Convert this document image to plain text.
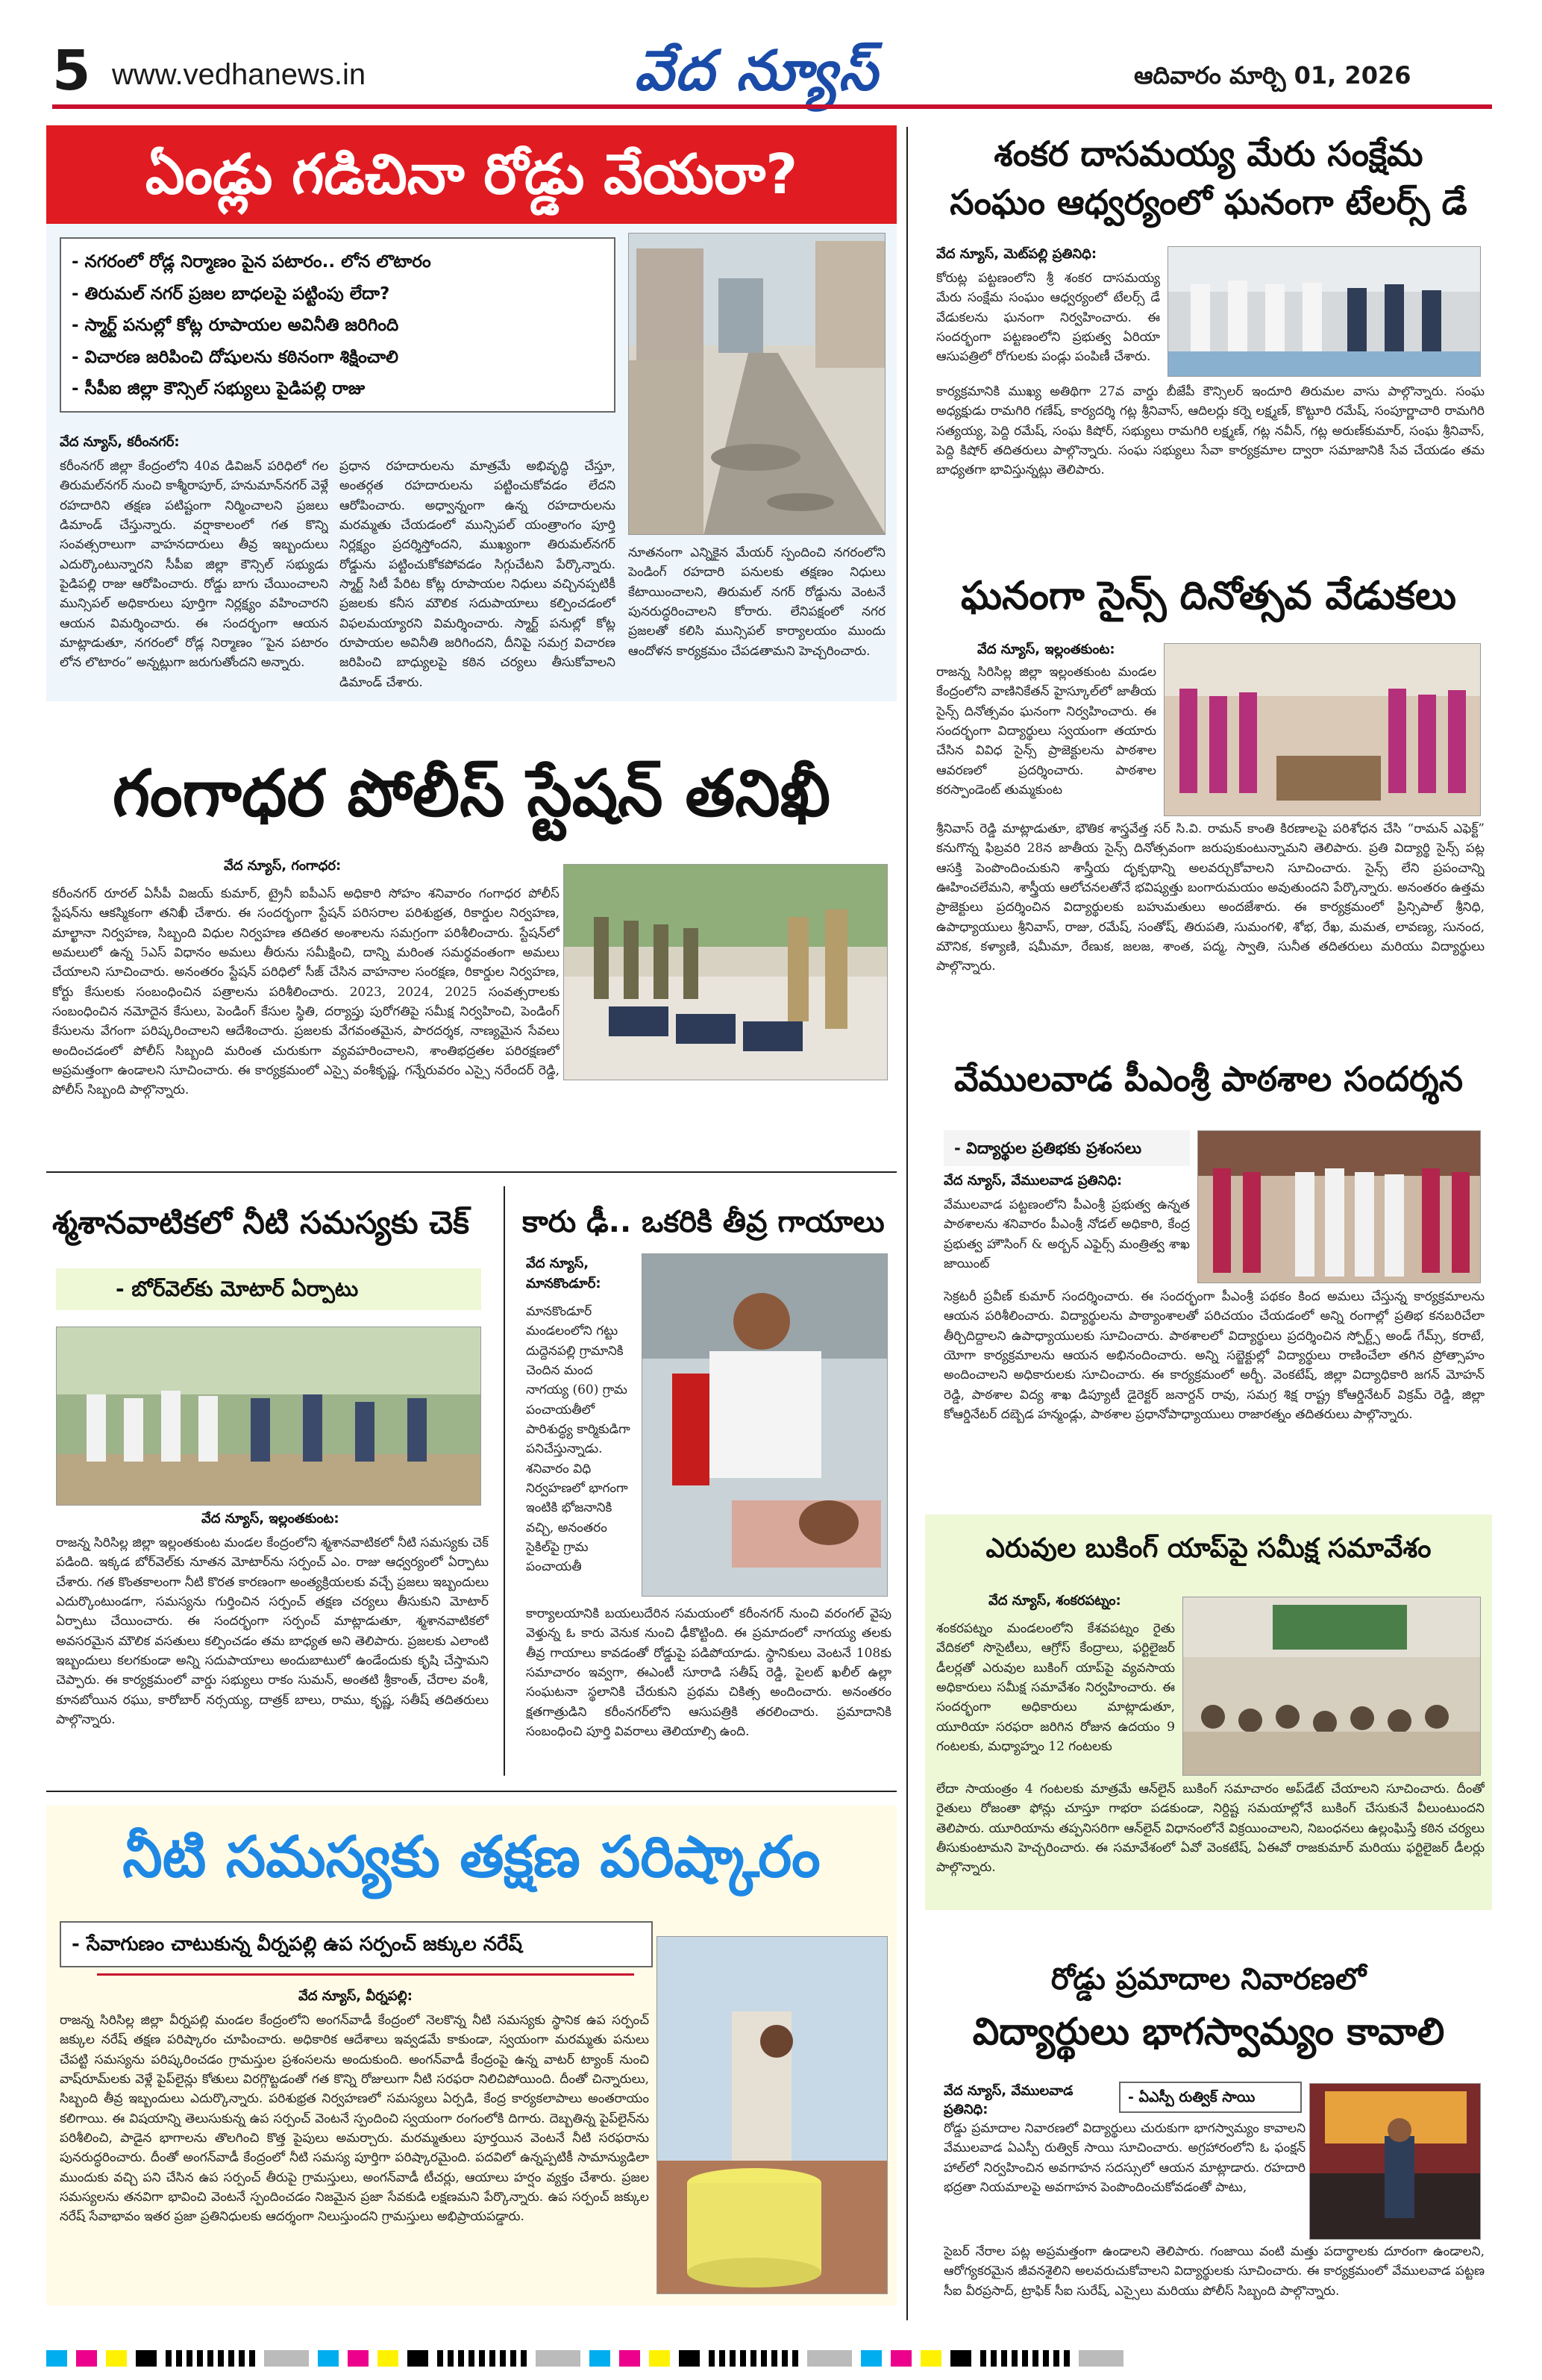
5 www.vedhanews.in	వేద న్యూస్	ఆదివారం మార్చి 01, 2026
ఏండ్లు గడిచినా రోడ్డు వేయరా?
- నగరంలో రోడ్ల నిర్మాణం పైన పటారం.. లోన లొటారం
- తిరుమల్ నగర్ ప్రజల బాధలపై పట్టింపు లేదా?
- స్మార్ట్ పనుల్లో కోట్ల రూపాయల అవినీతి జరిగింది
- విచారణ జరిపించి దోషులను కఠినంగా శిక్షించాలి
- సీపీఐ జిల్లా కౌన్సిల్ సభ్యులు పైడిపల్లి రాజు
వేద న్యూస్, కరీంనగర్:
కరీంనగర్ జిల్లా కేంద్రంలోని 40వ డివిజన్ పరిధిలో గల తిరుమల్‌నగర్ నుంచి కాశ్మీరాపూర్, హనుమాన్‌నగర్ వెళ్లే రహదారిని తక్షణ పటిష్టంగా నిర్మించాలని ప్రజలు డిమాండ్ చేస్తున్నారు. వర్షాకాలంలో గత కొన్ని సంవత్సరాలుగా వాహనదారులు తీవ్ర ఇబ్బందులు ఎదుర్కొంటున్నారని సీపీఐ జిల్లా కౌన్సిల్ సభ్యుడు పైడిపల్లి రాజు ఆరోపించారు. రోడ్డు బాగు చేయించాలని మున్సిపల్ అధికారులు పూర్తిగా నిర్లక్ష్యం వహించారని ఆయన విమర్శించారు. ఈ సందర్భంగా ఆయన మాట్లాడుతూ, నగరంలో రోడ్ల నిర్మాణం “పైన పటారం లోన లొటారం” అన్నట్లుగా జరుగుతోందని అన్నారు.
ప్రధాన రహదారులను మాత్రమే అభివృద్ధి చేస్తూ, అంతర్గత రహదారులను పట్టించుకోవడం లేదని ఆరోపించారు. అధ్వాన్నంగా ఉన్న రహదారులను మరమ్మతు చేయడంలో మున్సిపల్ యంత్రాంగం పూర్తి నిర్లక్ష్యం ప్రదర్శిస్తోందని, ముఖ్యంగా తిరుమల్‌నగర్ రోడ్డును పట్టించుకోకపోవడం సిగ్గుచేటని పేర్కొన్నారు. స్మార్ట్ సిటీ పేరిట కోట్ల రూపాయల నిధులు వచ్చినప్పటికీ ప్రజలకు కనీస మౌలిక సదుపాయాలు కల్పించడంలో విఫలమయ్యారని విమర్శించారు. స్మార్ట్ పనుల్లో కోట్ల రూపాయల అవినీతి జరిగిందని, దీనిపై సమగ్ర విచారణ జరిపించి బాధ్యులపై కఠిన చర్యలు తీసుకోవాలని డిమాండ్ చేశారు.
నూతనంగా ఎన్నికైన మేయర్ స్పందించి నగరంలోని పెండింగ్ రహదారి పనులకు తక్షణం నిధులు కేటాయించాలని, తిరుమల్ నగర్ రోడ్డును వెంటనే పునరుద్ధరించాలని కోరారు. లేనిపక్షంలో నగర ప్రజలతో కలిసి మున్సిపల్ కార్యాలయం ముందు ఆందోళన కార్యక్రమం చేపడతామని హెచ్చరించారు.
గంగాధర పోలీస్ స్టేషన్ తనిఖీ
వేద న్యూస్, గంగాధర:
కరీంనగర్ రూరల్ ఏసీపీ విజయ్ కుమార్, ట్రైనీ ఐపీఎస్ అధికారి సోహం శనివారం గంగాధర పోలీస్ స్టేషన్‌ను ఆకస్మికంగా తనిఖీ చేశారు. ఈ సందర్భంగా స్టేషన్ పరిసరాల పరిశుభ్రత, రికార్డుల నిర్వహణ, మాల్ఖానా నిర్వహణ, సిబ్బంది విధుల నిర్వహణ తదితర అంశాలను సమగ్రంగా పరిశీలించారు. స్టేషన్‌లో అమలులో ఉన్న 5ఎస్ విధానం అమలు తీరును సమీక్షించి, దాన్ని మరింత సమర్థవంతంగా అమలు చేయాలని సూచించారు. అనంతరం స్టేషన్ పరిధిలో సీజ్ చేసిన వాహనాల సంరక్షణ, రికార్డుల నిర్వహణ, కోర్టు కేసులకు సంబంధించిన పత్రాలను పరిశీలించారు. 2023, 2024, 2025 సంవత్సరాలకు సంబంధించిన నమోదైన కేసులు, పెండింగ్ కేసుల స్థితి, దర్యాప్తు పురోగతిపై సమీక్ష నిర్వహించి, పెండింగ్ కేసులను వేగంగా పరిష్కరించాలని ఆదేశించారు. ప్రజలకు వేగవంతమైన, పారదర్శక, నాణ్యమైన సేవలు అందించడంలో పోలీస్ సిబ్బంది మరింత చురుకుగా వ్యవహరించాలని, శాంతిభద్రతల పరిరక్షణలో అప్రమత్తంగా ఉండాలని సూచించారు. ఈ కార్యక్రమంలో ఎస్సై వంశీకృష్ణ, గన్నేరువరం ఎస్సై నరేందర్ రెడ్డి, పోలీస్ సిబ్బంది పాల్గొన్నారు.
శ్మశానవాటికలో నీటి సమస్యకు చెక్
- బోర్‌వెల్‌కు మోటార్ ఏర్పాటు
వేద న్యూస్, ఇల్లంతకుంట:
రాజన్న సిరిసిల్ల జిల్లా ఇల్లంతకుంట మండల కేంద్రంలోని శ్మశానవాటికలో నీటి సమస్యకు చెక్ పడింది. ఇక్కడ బోర్‌వెల్‌కు నూతన మోటార్‌ను సర్పంచ్ ఎం. రాజు ఆధ్వర్యంలో ఏర్పాటు చేశారు. గత కొంతకాలంగా నీటి కొరత కారణంగా అంత్యక్రియలకు వచ్చే ప్రజలు ఇబ్బందులు ఎదుర్కొంటుండగా, సమస్యను గుర్తించిన సర్పంచ్ తక్షణ చర్యలు తీసుకుని మోటార్ ఏర్పాటు చేయించారు. ఈ సందర్భంగా సర్పంచ్ మాట్లాడుతూ, శ్మశానవాటికలో అవసరమైన మౌలిక వసతులు కల్పించడం తమ బాధ్యత అని తెలిపారు. ప్రజలకు ఎలాంటి ఇబ్బందులు కలగకుండా అన్ని సదుపాయాలు అందుబాటులో ఉండేందుకు కృషి చేస్తామని చెప్పారు. ఈ కార్యక్రమంలో వార్డు సభ్యులు రాకం సుమన్, అంతటి శ్రీకాంత్, చేరాల వంశీ, కూనబోయిన రఘు, కారోబార్ నర్సయ్య, దాత్రక్ బాలు, రాము, కృష్ణ, సతీష్ తదితరులు పాల్గొన్నారు.
కారు ఢీ.. ఒకరికి తీవ్ర గాయాలు
వేద న్యూస్, మానకొండూర్:
మానకొండూర్ మండలంలోని గట్టు దుద్దెనపల్లి గ్రామానికి చెందిన మంద నాగయ్య (60) గ్రామ పంచాయతీలో పారిశుద్ధ్య కార్మికుడిగా పనిచేస్తున్నాడు. శనివారం విధి నిర్వహణలో భాగంగా ఇంటికి భోజనానికి వచ్చి, అనంతరం సైకిల్‌పై గ్రామ పంచాయతీ
కార్యాలయానికి బయలుదేరిన సమయంలో కరీంనగర్ నుంచి వరంగల్ వైపు వెళ్తున్న ఓ కారు వెనుక నుంచి ఢీకొట్టింది. ఈ ప్రమాదంలో నాగయ్య తలకు తీవ్ర గాయాలు కావడంతో రోడ్డుపై పడిపోయాడు. స్థానికులు వెంటనే 108కు సమాచారం ఇవ్వగా, ఈఎంటీ సూరాడి సతీష్ రెడ్డి, పైలట్ ఖలీల్ ఉల్లా సంఘటనా స్థలానికి చేరుకుని ప్రథమ చికిత్స అందించారు. అనంతరం క్షతగాత్రుడిని కరీంనగర్‌లోని ఆసుపత్రికి తరలించారు. ప్రమాదానికి సంబంధించి పూర్తి వివరాలు తెలియాల్సి ఉంది.
నీటి సమస్యకు తక్షణ పరిష్కారం
- సేవాగుణం చాటుకున్న వీర్నపల్లి ఉప సర్పంచ్ జక్కుల నరేష్
వేద న్యూస్, వీర్నపల్లి:
రాజన్న సిరిసిల్ల జిల్లా వీర్నపల్లి మండల కేంద్రంలోని అంగన్‌వాడీ కేంద్రంలో నెలకొన్న నీటి సమస్యకు స్థానిక ఉప సర్పంచ్ జక్కుల నరేష్ తక్షణ పరిష్కారం చూపించారు. అధికారిక ఆదేశాలు ఇవ్వడమే కాకుండా, స్వయంగా మరమ్మతు పనులు చేపట్టి సమస్యను పరిష్కరించడం గ్రామస్తుల ప్రశంసలను అందుకుంది. అంగన్‌వాడీ కేంద్రంపై ఉన్న వాటర్ ట్యాంక్ నుంచి వాష్‌రూమ్‌లకు వెళ్లే పైప్‌లైన్లు కోతులు విరగ్గొట్టడంతో గత కొన్ని రోజులుగా నీటి సరఫరా నిలిచిపోయింది. దీంతో చిన్నారులు, సిబ్బంది తీవ్ర ఇబ్బందులు ఎదుర్కొన్నారు. పరిశుభ్రత నిర్వహణలో సమస్యలు ఏర్పడి, కేంద్ర కార్యకలాపాలు అంతరాయం కలిగాయి. ఈ విషయాన్ని తెలుసుకున్న ఉప సర్పంచ్ వెంటనే స్పందించి స్వయంగా రంగంలోకి దిగారు. దెబ్బతిన్న పైప్‌లైన్‌ను పరిశీలించి, పాడైన భాగాలను తొలగించి కొత్త పైపులు అమర్చారు. మరమ్మతులు పూర్తయిన వెంటనే నీటి సరఫరాను పునరుద్ధరించారు. దీంతో అంగన్‌వాడీ కేంద్రంలో నీటి సమస్య పూర్తిగా పరిష్కారమైంది. పదవిలో ఉన్నప్పటికీ సామాన్యుడిలా ముందుకు వచ్చి పని చేసిన ఉప సర్పంచ్ తీరుపై గ్రామస్తులు, అంగన్‌వాడీ టీచర్లు, ఆయాలు హర్షం వ్యక్తం చేశారు. ప్రజల సమస్యలను తనవిగా భావించి వెంటనే స్పందించడం నిజమైన ప్రజా సేవకుడి లక్షణమని పేర్కొన్నారు. ఉప సర్పంచ్ జక్కుల నరేష్ సేవాభావం ఇతర ప్రజా ప్రతినిధులకు ఆదర్శంగా నిలుస్తుందని గ్రామస్తులు అభిప్రాయపడ్డారు.
శంకర దాసమయ్య మేరు సంక్షేమ
సంఘం ఆధ్వర్యంలో ఘనంగా టేలర్స్ డే
వేద న్యూస్, మెట్‌పల్లి ప్రతినిధి:
కోరుట్ల పట్టణంలోని శ్రీ శంకర దాసమయ్య మేరు సంక్షేమ సంఘం ఆధ్వర్యంలో టేలర్స్ డే వేడుకలను ఘనంగా నిర్వహించారు. ఈ సందర్భంగా పట్టణంలోని ప్రభుత్వ ఏరియా ఆసుపత్రిలో రోగులకు పండ్లు పంపిణీ చేశారు.
కార్యక్రమానికి ముఖ్య అతిథిగా 27వ వార్డు బీజేపీ కౌన్సిలర్ ఇందూరి తిరుమల వాసు పాల్గొన్నారు. సంఘ అధ్యక్షుడు రామగిరి గణేష్, కార్యదర్శి గట్ల శ్రీనివాస్, ఆదిలర్లు కర్నె లక్ష్మణ్, కొట్టూరి రమేష్, సంపూర్ణాచారి రామగిరి సత్యయ్య, పెద్ది రమేష్, సంఘ కిషోర్, సభ్యులు రామగిరి లక్ష్మణ్, గట్ల నవీన్, గట్ల అరుణ్‌కుమార్, సంఘ శ్రీనివాస్, పెద్ది కిషోర్ తదితరులు పాల్గొన్నారు. సంఘ సభ్యులు సేవా కార్యక్రమాల ద్వారా సమాజానికి సేవ చేయడం తమ బాధ్యతగా భావిస్తున్నట్లు తెలిపారు.
ఘనంగా సైన్స్ దినోత్సవ వేడుకలు
వేద న్యూస్, ఇల్లంతకుంట:
రాజన్న సిరిసిల్ల జిల్లా ఇల్లంతకుంట మండల కేంద్రంలోని వాణినికేతన్ హైస్కూల్‌లో జాతీయ సైన్స్ దినోత్సవం ఘనంగా నిర్వహించారు. ఈ సందర్భంగా విద్యార్థులు స్వయంగా తయారు చేసిన వివిధ సైన్స్ ప్రాజెక్టులను పాఠశాల ఆవరణలో ప్రదర్శించారు. పాఠశాల కరస్పాండెంట్ తుమ్మకుంట
శ్రీనివాస్ రెడ్డి మాట్లాడుతూ, భౌతిక శాస్త్రవేత్త సర్ సి.వి. రామన్ కాంతి కిరణాలపై పరిశోధన చేసి “రామన్ ఎఫెక్ట్” కనుగొన్న ఫిబ్రవరి 28న జాతీయ సైన్స్ దినోత్సవంగా జరుపుకుంటున్నామని తెలిపారు. ప్రతి విద్యార్థి సైన్స్ పట్ల ఆసక్తి పెంపొందించుకుని శాస్త్రీయ దృక్పథాన్ని అలవర్చుకోవాలని సూచించారు. సైన్స్ లేని ప్రపంచాన్ని ఊహించలేమని, శాస్త్రీయ ఆలోచనలతోనే భవిష్యత్తు బంగారుమయం అవుతుందని పేర్కొన్నారు. అనంతరం ఉత్తమ ప్రాజెక్టులు ప్రదర్శించిన విద్యార్థులకు బహుమతులు అందజేశారు. ఈ కార్యక్రమంలో ప్రిన్సిపాల్ శ్రీనిధి, ఉపాధ్యాయులు శ్రీనివాస్, రాజు, రమేష్, సంతోష్, తిరుపతి, సుమంగళి, శోభ, రేఖ, మమత, లావణ్య, సునంద, మౌనిక, కళ్యాణి, షమీమా, రేణుక, జలజ, శాంత, పద్మ, స్వాతి, సునీత తదితరులు మరియు విద్యార్థులు పాల్గొన్నారు.
వేములవాడ పీఎంశ్రీ పాఠశాల సందర్శన
- విద్యార్థుల ప్రతిభకు ప్రశంసలు
వేద న్యూస్, వేములవాడ ప్రతినిధి:
వేములవాడ పట్టణంలోని పీఎంశ్రీ ప్రభుత్వ ఉన్నత పాఠశాలను శనివారం పీఎంశ్రీ నోడల్ అధికారి, కేంద్ర ప్రభుత్వ హౌసింగ్ & అర్బన్ ఎఫైర్స్ మంత్రిత్వ శాఖ జాయింట్
సెక్రటరీ ప్రవీణ్ కుమార్ సందర్శించారు. ఈ సందర్భంగా పీఎంశ్రీ పథకం కింద అమలు చేస్తున్న కార్యక్రమాలను ఆయన పరిశీలించారు. విద్యార్థులను పాఠ్యాంశాలతో పరిచయం చేయడంలో అన్ని రంగాల్లో ప్రతిభ కనబరిచేలా తీర్చిదిద్దాలని ఉపాధ్యాయులకు సూచించారు. పాఠశాలలో విద్యార్థులు ప్రదర్శించిన స్పోర్ట్స్ అండ్ గేమ్స్, కరాటే, యోగా కార్యక్రమాలను ఆయన అభినందించారు. అన్ని సబ్జెక్టుల్లో విద్యార్థులు రాణించేలా తగిన ప్రోత్సాహం అందించాలని అధికారులకు సూచించారు. ఈ కార్యక్రమంలో అర్బీ. వెంకటేష్, జిల్లా విద్యాధికారి జగన్ మోహన్ రెడ్డి, పాఠశాల విద్య శాఖ డిప్యూటీ డైరెక్టర్ జనార్దన్ రావు, సమగ్ర శిక్ష రాష్ట్ర కోఆర్డినేటర్ విక్రమ్ రెడ్డి, జిల్లా కోఆర్డినేటర్ దబ్బెడ హన్మండ్లు, పాఠశాల ప్రధానోపాధ్యాయులు రాజారత్నం తదితరులు పాల్గొన్నారు.
ఎరువుల బుకింగ్ యాప్‌పై సమీక్ష సమావేశం
వేద న్యూస్, శంకరపట్నం:
శంకరపట్నం మండలంలోని కేశవపట్నం రైతు వేదికలో సొసైటీలు, ఆగ్రోస్ కేంద్రాలు, ఫర్టిలైజర్ డీలర్లతో ఎరువుల బుకింగ్ యాప్‌పై వ్యవసాయ అధికారులు సమీక్ష సమావేశం నిర్వహించారు. ఈ సందర్భంగా అధికారులు మాట్లాడుతూ, యూరియా సరఫరా జరిగిన రోజున ఉదయం 9 గంటలకు, మధ్యాహ్నం 12 గంటలకు
లేదా సాయంత్రం 4 గంటలకు మాత్రమే ఆన్‌లైన్ బుకింగ్ సమాచారం అప్‌డేట్ చేయాలని సూచించారు. దీంతో రైతులు రోజంతా ఫోన్లు చూస్తూ గాభరా పడకుండా, నిర్దిష్ట సమయాల్లోనే బుకింగ్ చేసుకునే వీలుంటుందని తెలిపారు. యూరియాను తప్పనిసరిగా ఆన్‌లైన్ విధానంలోనే విక్రయించాలని, నిబంధనలు ఉల్లంఘిస్తే కఠిన చర్యలు తీసుకుంటామని హెచ్చరించారు. ఈ సమావేశంలో ఏవో వెంకటేష్, ఏఈవో రాజకుమార్ మరియు ఫర్టిలైజర్ డీలర్లు పాల్గొన్నారు.
రోడ్డు ప్రమాదాల నివారణలో
విద్యార్థులు భాగస్వామ్యం కావాలి
వేద న్యూస్, వేములవాడ ప్రతినిధి:
- ఏఎస్పీ రుత్విక్ సాయి
రోడ్డు ప్రమాదాల నివారణలో విద్యార్థులు చురుకుగా భాగస్వామ్యం కావాలని వేములవాడ ఏఎస్పీ రుత్విక్ సాయి సూచించారు. అగ్రహారంలోని ఓ ఫంక్షన్ హాల్‌లో నిర్వహించిన అవగాహన సదస్సులో ఆయన మాట్లాడారు. రహదారి భద్రతా నియమాలపై అవగాహన పెంపొందించుకోవడంతో పాటు,
సైబర్ నేరాల పట్ల అప్రమత్తంగా ఉండాలని తెలిపారు. గంజాయి వంటి మత్తు పదార్థాలకు దూరంగా ఉండాలని, ఆరోగ్యకరమైన జీవనశైలిని అలవరుచుకోవాలని విద్యార్థులకు సూచించారు. ఈ కార్యక్రమంలో వేములవాడ పట్టణ సీఐ వీరప్రసాద్, ట్రాఫిక్ సీఐ సురేష్, ఎస్సైలు మరియు పోలీస్ సిబ్బంది పాల్గొన్నారు.
